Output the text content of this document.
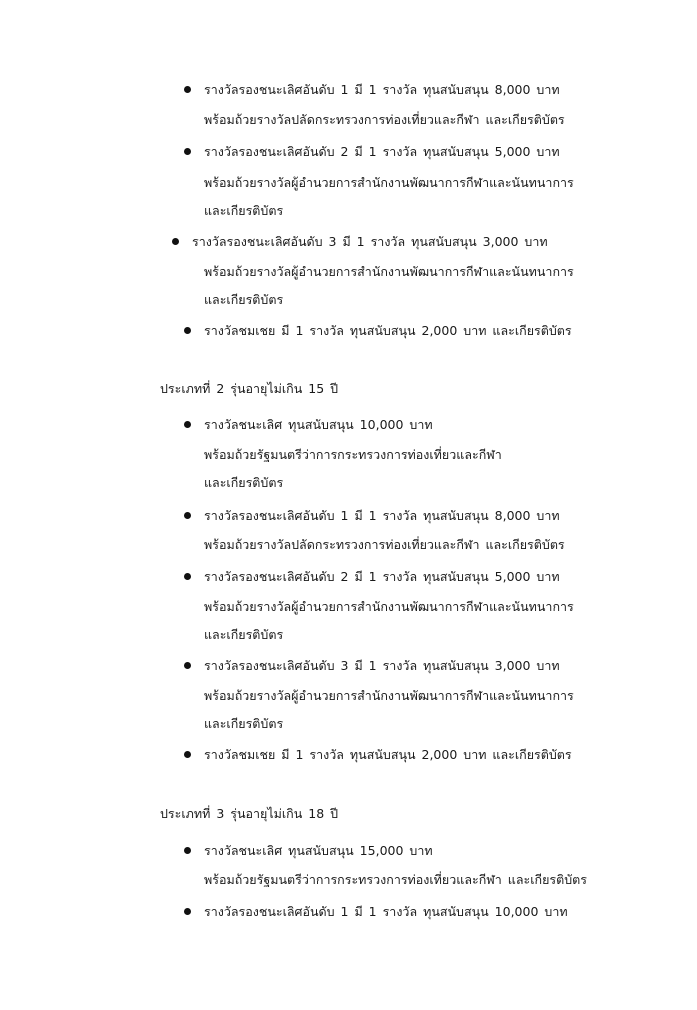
รางวัลรองชนะเลิศอันดับ 1 มี 1 รางวัล ทุนสนับสนุน 8,000 บาท
พร้อมถ้วยรางวัลปลัดกระทรวงการท่องเที่ยวและกีฬา และเกียรติบัตร
รางวัลรองชนะเลิศอันดับ 2 มี 1 รางวัล ทุนสนับสนุน 5,000 บาท
พร้อมถ้วยรางวัลผู้อำนวยการสำนักงานพัฒนาการกีฬาและนันทนาการ
และเกียรติบัตร
รางวัลรองชนะเลิศอันดับ 3 มี 1 รางวัล ทุนสนับสนุน 3,000 บาท
พร้อมถ้วยรางวัลผู้อำนวยการสำนักงานพัฒนาการกีฬาและนันทนาการ
และเกียรติบัตร
รางวัลชมเชย มี 1 รางวัล ทุนสนับสนุน 2,000 บาท และเกียรติบัตร
ประเภทที่ 2 รุ่นอายุไม่เกิน 15 ปี
รางวัลชนะเลิศ ทุนสนับสนุน 10,000 บาท
พร้อมถ้วยรัฐมนตรีว่าการกระทรวงการท่องเที่ยวและกีฬา
และเกียรติบัตร
รางวัลรองชนะเลิศอันดับ 1 มี 1 รางวัล ทุนสนับสนุน 8,000 บาท
พร้อมถ้วยรางวัลปลัดกระทรวงการท่องเที่ยวและกีฬา และเกียรติบัตร
รางวัลรองชนะเลิศอันดับ 2 มี 1 รางวัล ทุนสนับสนุน 5,000 บาท
พร้อมถ้วยรางวัลผู้อำนวยการสำนักงานพัฒนาการกีฬาและนันทนาการ
และเกียรติบัตร
รางวัลรองชนะเลิศอันดับ 3 มี 1 รางวัล ทุนสนับสนุน 3,000 บาท
พร้อมถ้วยรางวัลผู้อำนวยการสำนักงานพัฒนาการกีฬาและนันทนาการ
และเกียรติบัตร
รางวัลชมเชย มี 1 รางวัล ทุนสนับสนุน 2,000 บาท และเกียรติบัตร
ประเภทที่ 3 รุ่นอายุไม่เกิน 18 ปี
รางวัลชนะเลิศ ทุนสนับสนุน 15,000 บาท
พร้อมถ้วยรัฐมนตรีว่าการกระทรวงการท่องเที่ยวและกีฬา และเกียรติบัตร
รางวัลรองชนะเลิศอันดับ 1 มี 1 รางวัล ทุนสนับสนุน 10,000 บาท
